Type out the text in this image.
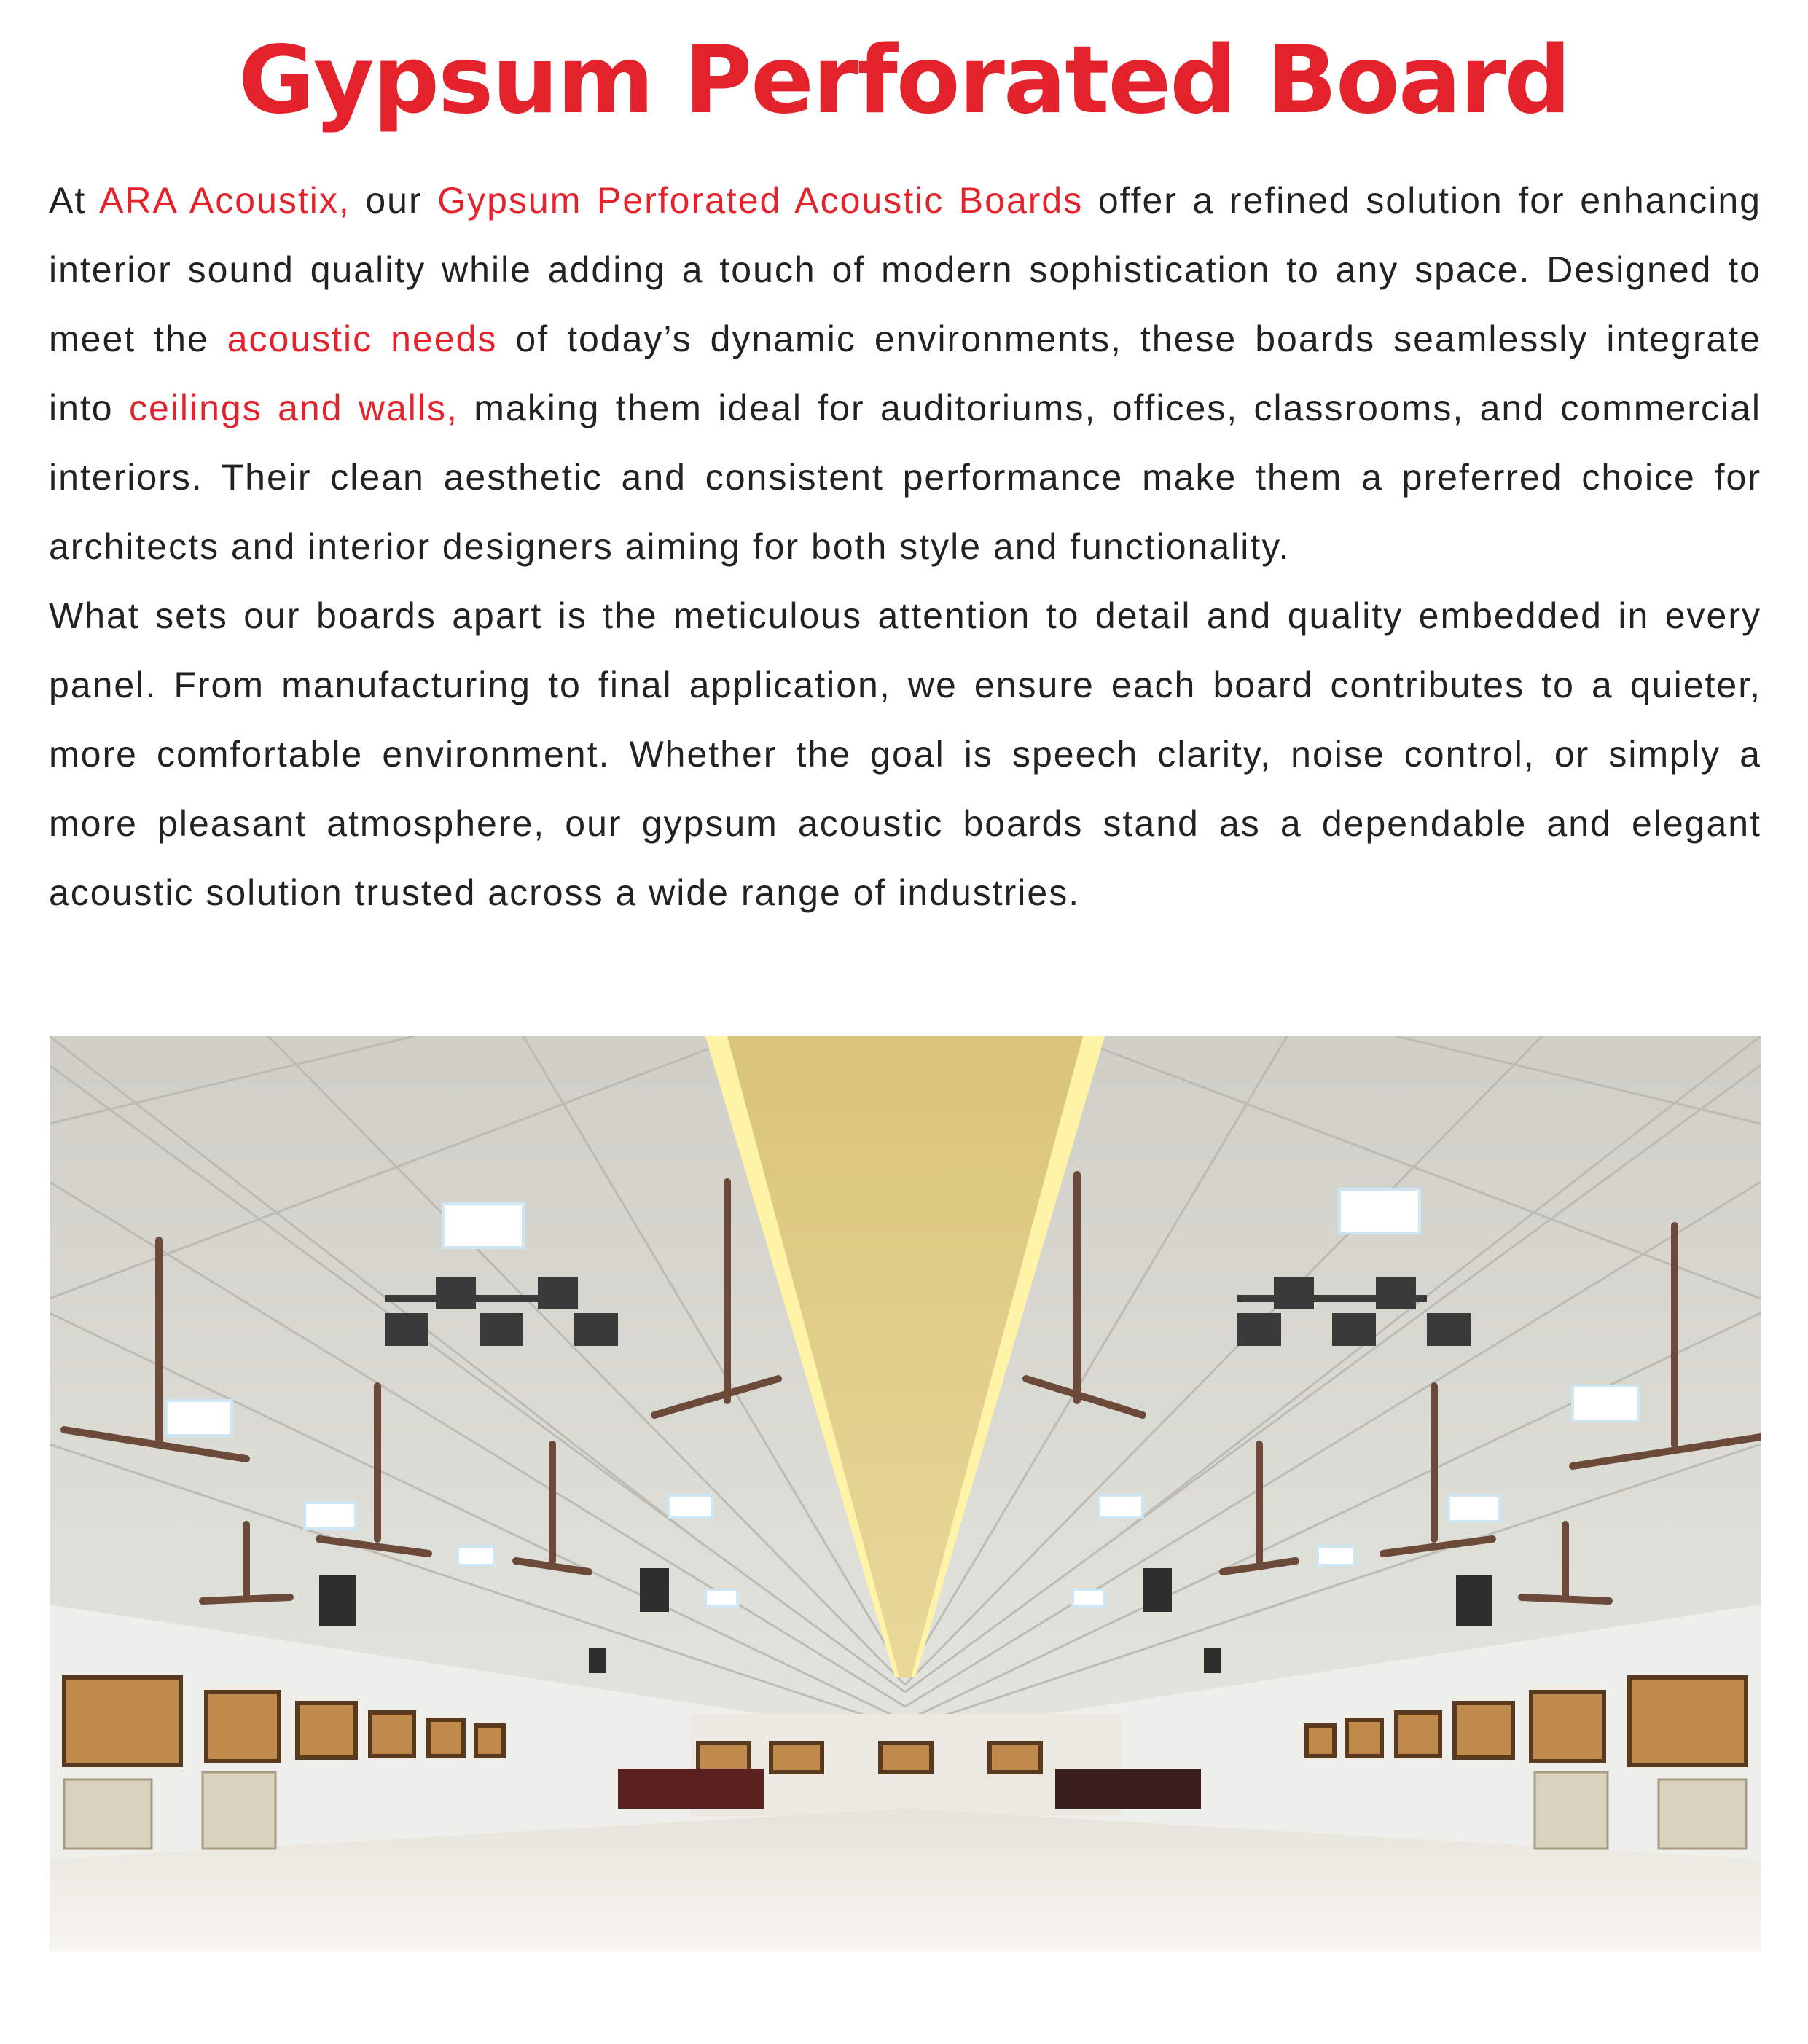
Gypsum Perforated Board

At ARA Acoustix, our Gypsum Perforated Acoustic Boards offer a refined solution for enhancing interior sound quality while adding a touch of modern sophistication to any space. Designed to meet the acoustic needs of today’s dynamic environments, these boards seamlessly integrate into ceilings and walls, making them ideal for auditoriums, offices, classrooms, and commercial interiors. Their clean aesthetic and consistent performance make them a preferred choice for architects and interior designers aiming for both style and functionality.

What sets our boards apart is the meticulous attention to detail and quality embedded in every panel. From manufacturing to final application, we ensure each board contributes to a quieter, more comfortable environment. Whether the goal is speech clarity, noise control, or simply a more pleasant atmosphere, our gypsum acoustic boards stand as a dependable and elegant acoustic solution trusted across a wide range of industries.
